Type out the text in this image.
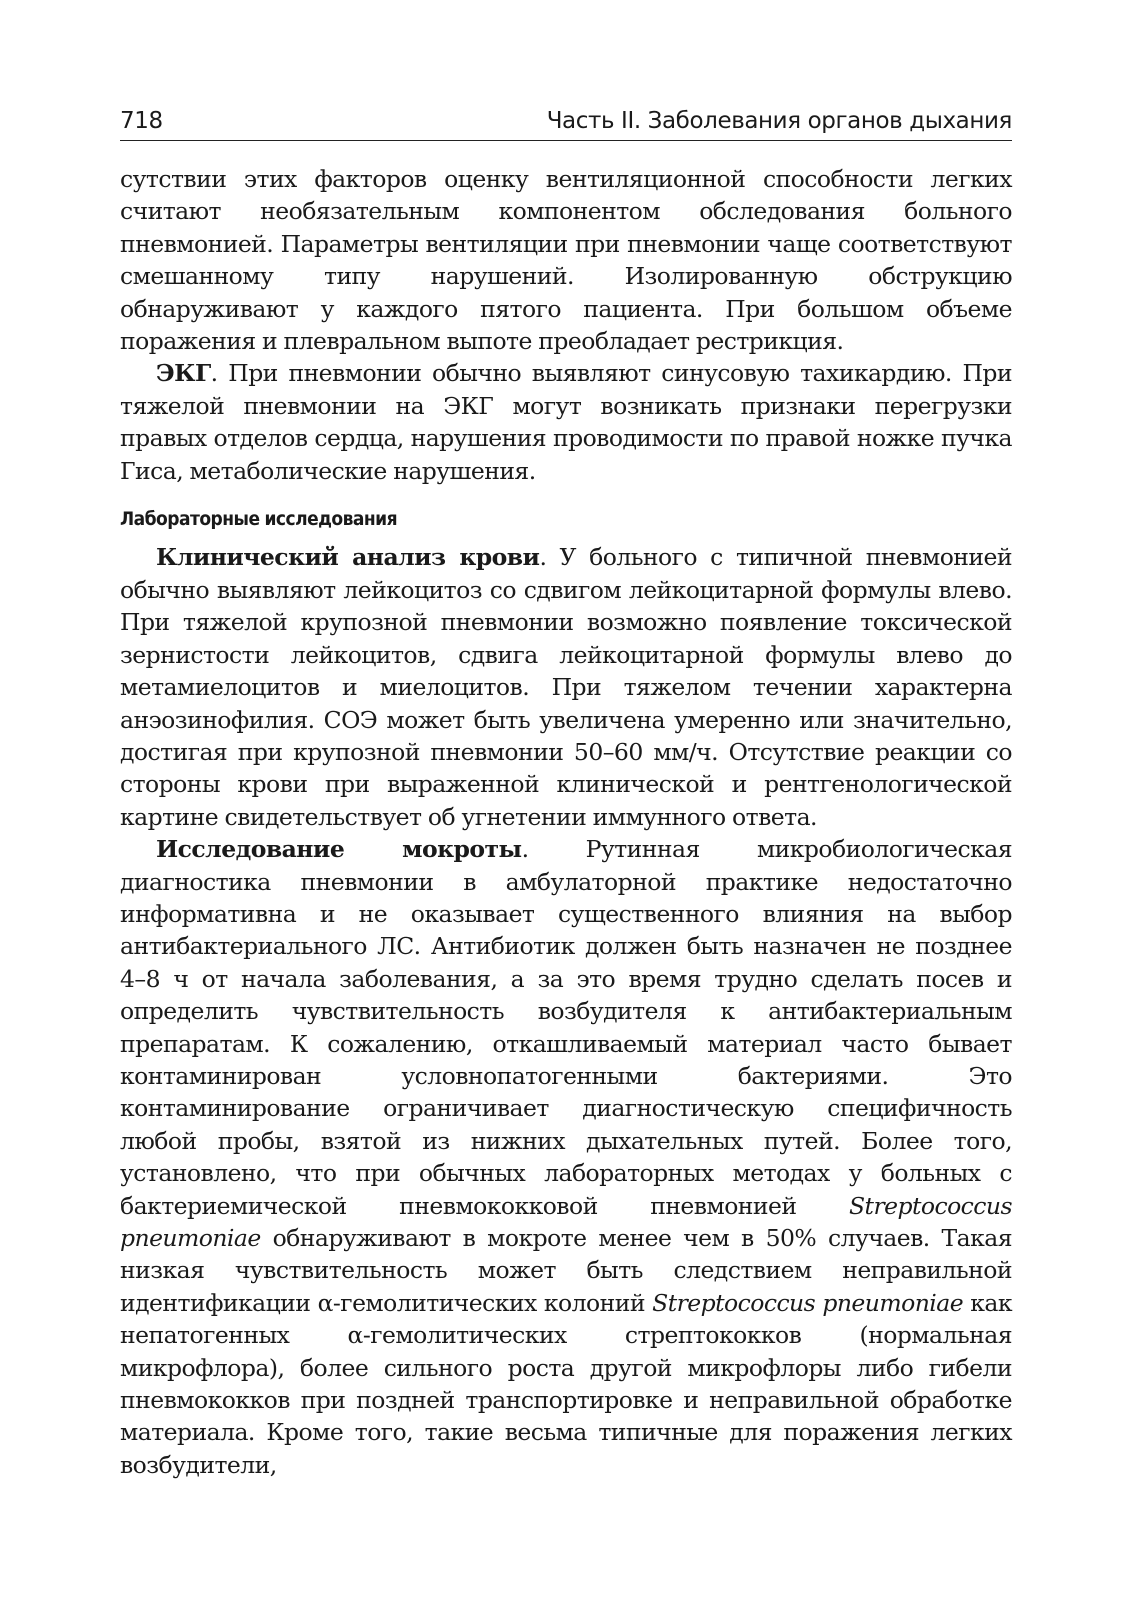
718	Часть II. Заболевания органов дыхания

сутствии этих факторов оценку вентиляционной способности легких считают необязательным компонентом обследования больного пневмонией. Параметры вентиляции при пневмонии чаще соответствуют смешанному типу нарушений. Изолированную обструкцию обнаруживают у каждого пятого пациента. При большом объеме поражения и плевральном выпоте преобладает рестрикция.

ЭКГ. При пневмонии обычно выявляют синусовую тахикардию. При тяжелой пневмонии на ЭКГ могут возникать признаки перегрузки правых отделов сердца, нарушения проводимости по правой ножке пучка Гиса, метаболические нарушения.

Лабораторные исследования

Клинический анализ крови. У больного с типичной пневмонией обычно выявляют лейкоцитоз со сдвигом лейкоцитарной формулы влево. При тяжелой крупозной пневмонии возможно появление токсической зернистости лейкоцитов, сдвига лейкоцитарной формулы влево до метамиелоцитов и миелоцитов. При тяжелом течении характерна анэозинофилия. СОЭ может быть увеличена умеренно или значительно, достигая при крупозной пневмонии 50–60 мм/ч. Отсутствие реакции со стороны крови при выраженной клинической и рентгенологической картине свидетельствует об угнетении иммунного ответа.

Исследование мокроты. Рутинная микробиологическая диагностика пневмонии в амбулаторной практике недостаточно информативна и не оказывает существенного влияния на выбор антибактериального ЛС. Антибиотик должен быть назначен не позднее 4–8 ч от начала заболевания, а за это время трудно сделать посев и определить чувствительность возбудителя к антибактериальным препаратам. К сожалению, откашливаемый материал часто бывает контаминирован условнопатогенными бактериями. Это контаминирование ограничивает диагностическую специфичность любой пробы, взятой из нижних дыхательных путей. Более того, установлено, что при обычных лабораторных методах у больных с бактериемической пневмококковой пневмонией Streptococcus pneumoniae обнаруживают в мокроте менее чем в 50% случаев. Такая низкая чувствительность может быть следствием неправильной идентификации α-гемолитических колоний Streptococcus pneumoniae как непатогенных α-гемолитических стрептококков (нормальная микрофлора), более сильного роста другой микрофлоры либо гибели пневмококков при поздней транспортировке и неправильной обработке материала. Кроме того, такие весьма типичные для поражения легких возбудители,
